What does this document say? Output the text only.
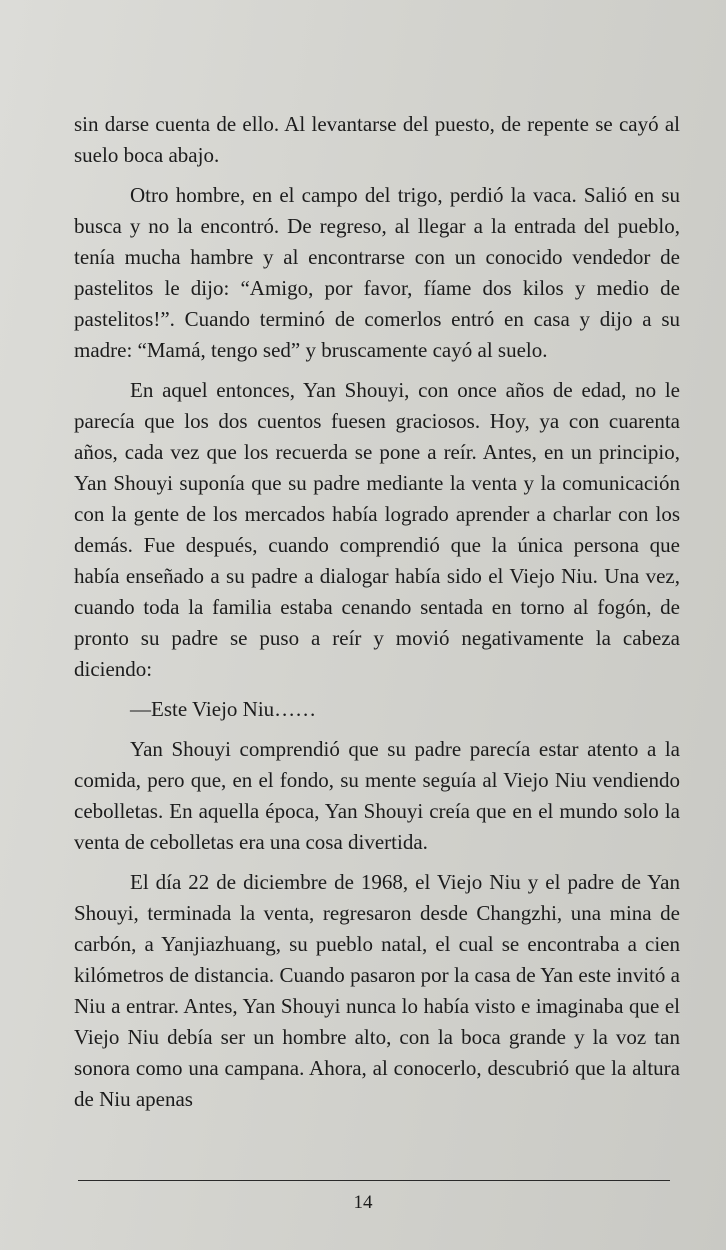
sin darse cuenta de ello. Al levantarse del puesto, de repente se cayó al suelo boca abajo.

Otro hombre, en el campo del trigo, perdió la vaca. Salió en su busca y no la encontró. De regreso, al llegar a la entrada del pueblo, tenía mucha hambre y al encontrarse con un conocido vendedor de pastelitos le dijo: “Amigo, por favor, fíame dos kilos y medio de pastelitos!”. Cuando terminó de comerlos entró en casa y dijo a su madre: “Mamá, tengo sed” y bruscamente cayó al suelo.

En aquel entonces, Yan Shouyi, con once años de edad, no le parecía que los dos cuentos fuesen graciosos. Hoy, ya con cuarenta años, cada vez que los recuerda se pone a reír. Antes, en un principio, Yan Shouyi suponía que su padre mediante la venta y la comunicación con la gente de los mercados había logrado aprender a charlar con los demás. Fue después, cuando comprendió que la única persona que había enseñado a su padre a dialogar había sido el Viejo Niu. Una vez, cuando toda la familia estaba cenando sentada en torno al fogón, de pronto su padre se puso a reír y movió negativamente la cabeza diciendo:

—Este Viejo Niu……

Yan Shouyi comprendió que su padre parecía estar atento a la comida, pero que, en el fondo, su mente seguía al Viejo Niu vendiendo cebolletas. En aquella época, Yan Shouyi creía que en el mundo solo la venta de cebolletas era una cosa divertida.

El día 22 de diciembre de 1968, el Viejo Niu y el padre de Yan Shouyi, terminada la venta, regresaron desde Changzhi, una mina de carbón, a Yanjiazhuang, su pueblo natal, el cual se encontraba a cien kilómetros de distancia. Cuando pasaron por la casa de Yan este invitó a Niu a entrar. Antes, Yan Shouyi nunca lo había visto e imaginaba que el Viejo Niu debía ser un hombre alto, con la boca grande y la voz tan sonora como una campana. Ahora, al conocerlo, descubrió que la altura de Niu apenas

14
